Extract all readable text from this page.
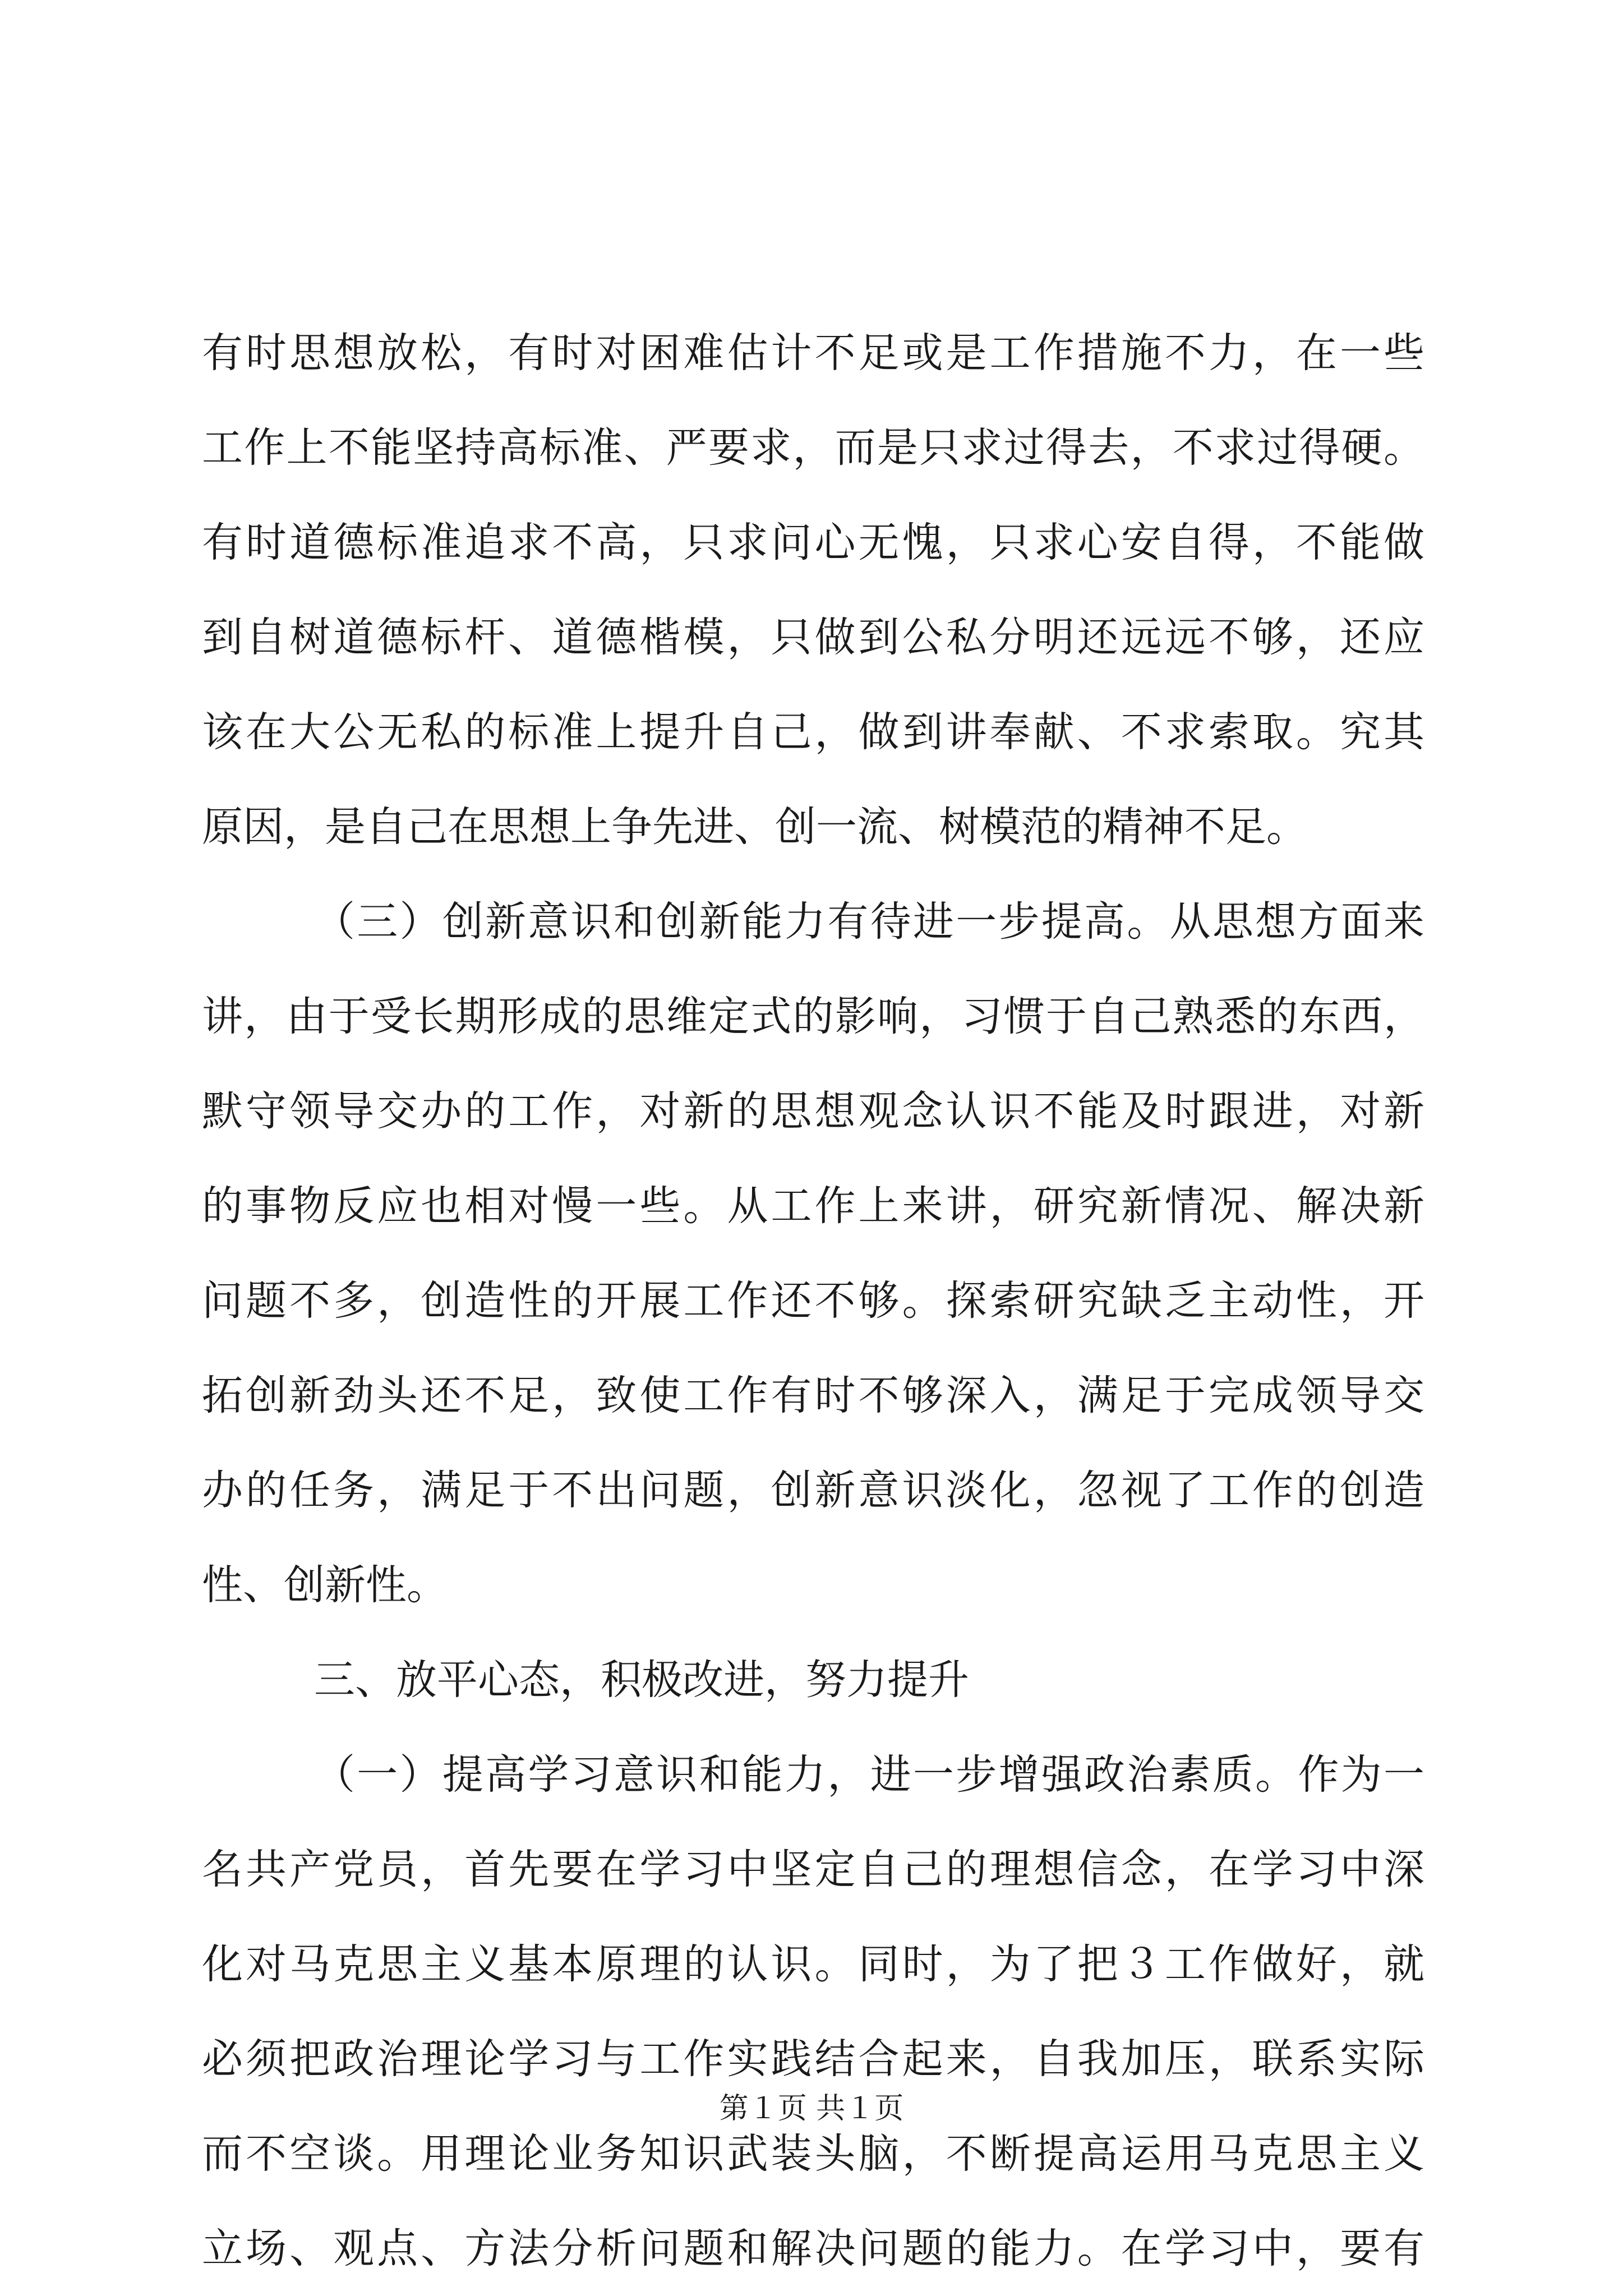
有时思想放松，有时对困难估计不足或是工作措施不力，在一些
工作上不能坚持高标准、严要求，而是只求过得去，不求过得硬。
有时道德标准追求不高，只求问心无愧，只求心安自得，不能做
到自树道德标杆、道德楷模，只做到公私分明还远远不够，还应
该在大公无私的标准上提升自己，做到讲奉献、不求索取。究其
原因，是自己在思想上争先进、创一流、树模范的精神不足。
（三）创新意识和创新能力有待进一步提高。从思想方面来
讲，由于受长期形成的思维定式的影响，习惯于自己熟悉的东西，
默守领导交办的工作，对新的思想观念认识不能及时跟进，对新
的事物反应也相对慢一些。从工作上来讲，研究新情况、解决新
问题不多，创造性的开展工作还不够。探索研究缺乏主动性，开
拓创新劲头还不足，致使工作有时不够深入，满足于完成领导交
办的任务，满足于不出问题，创新意识淡化，忽视了工作的创造
性、创新性。
三、放平心态，积极改进，努力提升
（一）提高学习意识和能力，进一步增强政治素质。作为一
名共产党员，首先要在学习中坚定自己的理想信念，在学习中深
化对马克思主义基本原理的认识。同时，为了把３工作做好，就
必须把政治理论学习与工作实践结合起来，自我加压，联系实际
而不空谈。用理论业务知识武装头脑，不断提高运用马克思主义
立场、观点、方法分析问题和解决问题的能力。在学习中，要有
第１页 共１页
